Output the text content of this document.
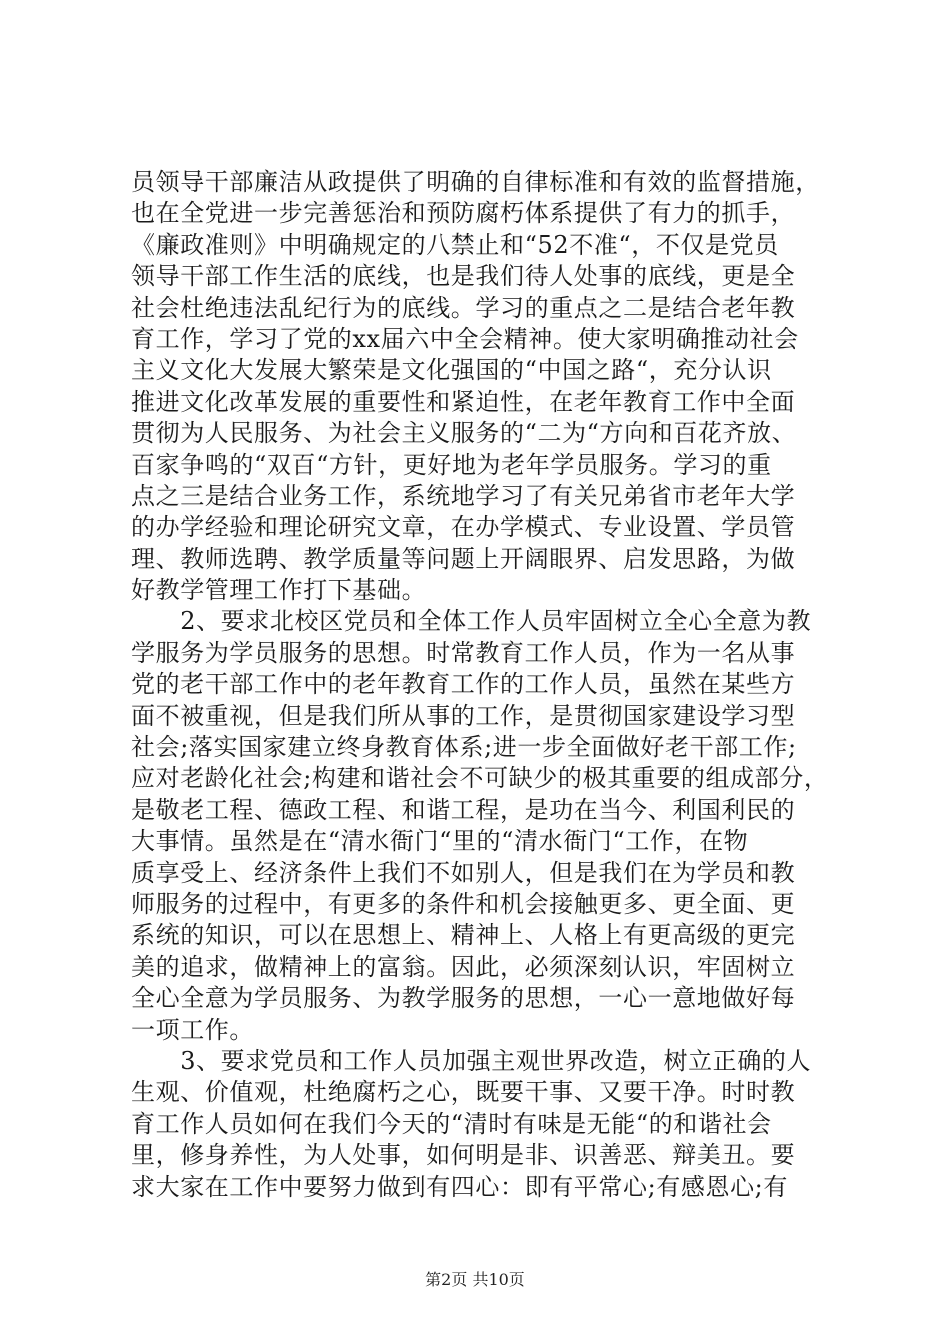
员领导干部廉洁从政提供了明确的自律标准和有效的监督措施，
也在全党进一步完善惩治和预防腐朽体系提供了有力的抓手，
《廉政准则》中明确规定的八禁止和“52不准“，不仅是党员
领导干部工作生活的底线，也是我们待人处事的底线，更是全
社会杜绝违法乱纪行为的底线。学习的重点之二是结合老年教
育工作，学习了党的xx届六中全会精神。使大家明确推动社会
主义文化大发展大繁荣是文化强国的“中国之路“，充分认识
推进文化改革发展的重要性和紧迫性，在老年教育工作中全面
贯彻为人民服务、为社会主义服务的“二为“方向和百花齐放、
百家争鸣的“双百“方针，更好地为老年学员服务。学习的重
点之三是结合业务工作，系统地学习了有关兄弟省市老年大学
的办学经验和理论研究文章，在办学模式、专业设置、学员管
理、教师选聘、教学质量等问题上开阔眼界、启发思路，为做
好教学管理工作打下基础。
　　2、要求北校区党员和全体工作人员牢固树立全心全意为教
学服务为学员服务的思想。时常教育工作人员，作为一名从事
党的老干部工作中的老年教育工作的工作人员，虽然在某些方
面不被重视，但是我们所从事的工作，是贯彻国家建设学习型
社会;落实国家建立终身教育体系;进一步全面做好老干部工作;
应对老龄化社会;构建和谐社会不可缺少的极其重要的组成部分，
是敬老工程、德政工程、和谐工程，是功在当今、利国利民的
大事情。虽然是在“清水衙门“里的“清水衙门“工作，在物
质享受上、经济条件上我们不如别人，但是我们在为学员和教
师服务的过程中，有更多的条件和机会接触更多、更全面、更
系统的知识，可以在思想上、精神上、人格上有更高级的更完
美的追求，做精神上的富翁。因此，必须深刻认识，牢固树立
全心全意为学员服务、为教学服务的思想，一心一意地做好每
一项工作。
　　3、要求党员和工作人员加强主观世界改造，树立正确的人
生观、价值观，杜绝腐朽之心，既要干事、又要干净。时时教
育工作人员如何在我们今天的“清时有味是无能“的和谐社会
里，修身养性，为人处事，如何明是非、识善恶、辩美丑。要
求大家在工作中要努力做到有四心：即有平常心;有感恩心;有
第2页 共10页
